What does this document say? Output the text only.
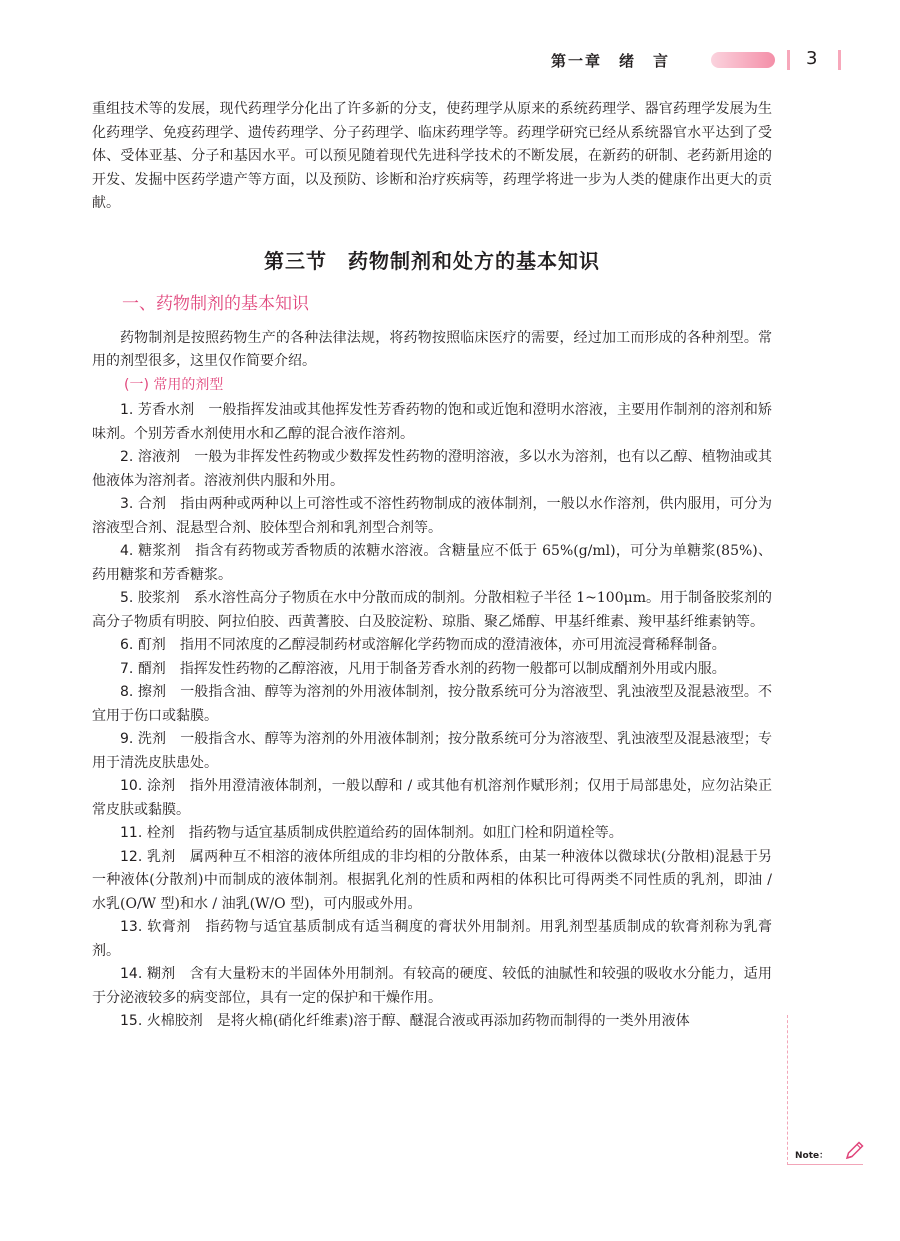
第一章　绪　言	3

重组技术等的发展，现代药理学分化出了许多新的分支，使药理学从原来的系统药理学、器官药理学发展为生化药理学、免疫药理学、遗传药理学、分子药理学、临床药理学等。药理学研究已经从系统器官水平达到了受体、受体亚基、分子和基因水平。可以预见随着现代先进科学技术的不断发展，在新药的研制、老药新用途的开发、发掘中医药学遗产等方面，以及预防、诊断和治疗疾病等，药理学将进一步为人类的健康作出更大的贡献。

第三节　药物制剂和处方的基本知识
一、药物制剂的基本知识

药物制剂是按照药物生产的各种法律法规，将药物按照临床医疗的需要，经过加工而形成的各种剂型。常用的剂型很多，这里仅作简要介绍。

(一) 常用的剂型

1. 芳香水剂　 一般指挥发油或其他挥发性芳香药物的饱和或近饱和澄明水溶液，主要用作制剂的溶剂和矫味剂。个别芳香水剂使用水和乙醇的混合液作溶剂。

2. 溶液剂　 一般为非挥发性药物或少数挥发性药物的澄明溶液，多以水为溶剂，也有以乙醇、植物油或其他液体为溶剂者。溶液剂供内服和外用。

3. 合剂　 指由两种或两种以上可溶性或不溶性药物制成的液体制剂，一般以水作溶剂，供内服用，可分为溶液型合剂、混悬型合剂、胶体型合剂和乳剂型合剂等。

4. 糖浆剂　 指含有药物或芳香物质的浓糖水溶液。含糖量应不低于 65%(g/ml)，可分为单糖浆(85%)、药用糖浆和芳香糖浆。

5. 胶浆剂　 系水溶性高分子物质在水中分散而成的制剂。分散相粒子半径 1~100μm。用于制备胶浆剂的高分子物质有明胶、阿拉伯胶、西黄蓍胶、白及胶淀粉、琼脂、聚乙烯醇、甲基纤维素、羧甲基纤维素钠等。

6. 酊剂　 指用不同浓度的乙醇浸制药材或溶解化学药物而成的澄清液体，亦可用流浸膏稀释制备。

7. 醑剂　 指挥发性药物的乙醇溶液，凡用于制备芳香水剂的药物一般都可以制成醑剂外用或内服。

8. 擦剂　 一般指含油、醇等为溶剂的外用液体制剂，按分散系统可分为溶液型、乳浊液型及混悬液型。不宜用于伤口或黏膜。

9. 洗剂　 一般指含水、醇等为溶剂的外用液体制剂；按分散系统可分为溶液型、乳浊液型及混悬液型；专用于清洗皮肤患处。

10. 涂剂　 指外用澄清液体制剂，一般以醇和 / 或其他有机溶剂作赋形剂；仅用于局部患处，应勿沾染正常皮肤或黏膜。

11. 栓剂　 指药物与适宜基质制成供腔道给药的固体制剂。如肛门栓和阴道栓等。

12. 乳剂　 属两种互不相溶的液体所组成的非均相的分散体系，由某一种液体以微球状(分散相)混悬于另一种液体(分散剂)中而制成的液体制剂。根据乳化剂的性质和两相的体积比可得两类不同性质的乳剂，即油 / 水乳(O/W 型)和水 / 油乳(W/O 型)，可内服或外用。

13. 软膏剂　 指药物与适宜基质制成有适当稠度的膏状外用制剂。用乳剂型基质制成的软膏剂称为乳膏剂。

14. 糊剂　 含有大量粉末的半固体外用制剂。有较高的硬度、较低的油腻性和较强的吸收水分能力，适用于分泌液较多的病变部位，具有一定的保护和干燥作用。

15. 火棉胶剂　 是将火棉(硝化纤维素)溶于醇、醚混合液或再添加药物而制得的一类外用液体

Note：
